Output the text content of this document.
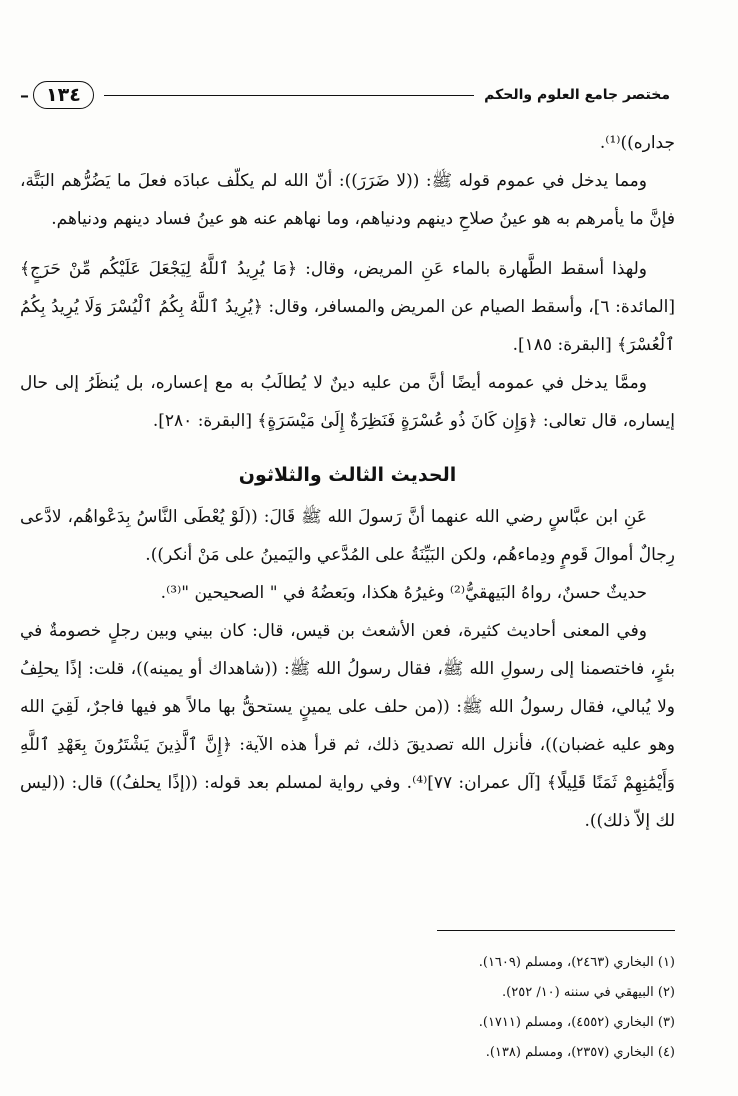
– ١٣٤	مختصر جامع العلوم والحكم

جداره))⁽¹⁾.

ومما يدخل في عموم قوله ﷺ: ((لا ضَرَرَ)): أنّ الله لم يكلّف عبادَه فعلَ ما يَضُرُّهم البَتَّة، فإنَّ ما يأمرهم به هو عينُ صلاحِ دينهم ودنياهم، وما نهاهم عنه هو عينُ فساد دينهم ودنياهم.

ولهذا أسقط الطَّهارة بالماء عَنِ المريض، وقال: ﴿مَا يُرِيدُ ٱللَّهُ لِيَجْعَلَ عَلَيْكُم مِّنْ حَرَجٍ﴾ [المائدة: ٦]، وأسقط الصيام عن المريض والمسافر، وقال: ﴿يُرِيدُ ٱللَّهُ بِكُمُ ٱلْيُسْرَ وَلَا يُرِيدُ بِكُمُ ٱلْعُسْرَ﴾ [البقرة: ١٨٥].

وممَّا يدخل في عمومه أيضًا أنَّ من عليه دينٌ لا يُطالَبُ به مع إعساره، بل يُنظَرُ إلى حال إيساره، قال تعالى: ﴿وَإِن كَانَ ذُو عُسْرَةٍ فَنَظِرَةٌ إِلَىٰ مَيْسَرَةٍ﴾ [البقرة: ٢٨٠].

الحديث الثالث والثلاثون

عَنِ ابن عبَّاسٍ رضي الله عنهما أنَّ رَسولَ الله ﷺ قَالَ: ((لَوْ يُعْطَى النَّاسُ بِدَعْواهُم، لادَّعى رِجالٌ أموالَ قَومٍ ودِماءهُم، ولكن البَيِّنَةُ على المُدَّعي واليَمينُ على مَنْ أنكر)).

حديثٌ حسنٌ، رواهُ البَيهقيُّ⁽²⁾ وغيرُهُ هكذا، وبَعضُهُ في " الصحيحين "⁽³⁾.

وفي المعنى أحاديث كثيرة، فعن الأشعث بن قيس، قال: كان بيني وبين رجلٍ خصومةٌ في بئرٍ، فاختصمنا إلى رسولِ الله ﷺ، فقال رسولُ الله ﷺ: ((شاهداك أو يمينه))، قلت: إذًا يحلِفُ ولا يُبالي، فقال رسولُ الله ﷺ: ((من حلف على يمينٍ يستحقُّ بها مالاً هو فيها فاجرٌ، لَقِيَ الله وهو عليه غضبان))، فأنزل الله تصديقَ ذلك، ثم قرأ هذه الآية: ﴿إِنَّ ٱلَّذِينَ يَشْتَرُونَ بِعَهْدِ ٱللَّهِ وَأَيْمَٰنِهِمْ ثَمَنًا قَلِيلًا﴾ [آل عمران: ٧٧]⁽⁴⁾. وفي رواية لمسلم بعد قوله: ((إذًا يحلفُ)) قال: ((ليس لك إلاّ ذلك)).

(١) البخاري (٢٤٦٣)، ومسلم (١٦٠٩).
(٢) البيهقي في سننه (١٠/ ٢٥٢).
(٣) البخاري (٤٥٥٢)، ومسلم (١٧١١).
(٤) البخاري (٢٣٥٧)، ومسلم (١٣٨).
